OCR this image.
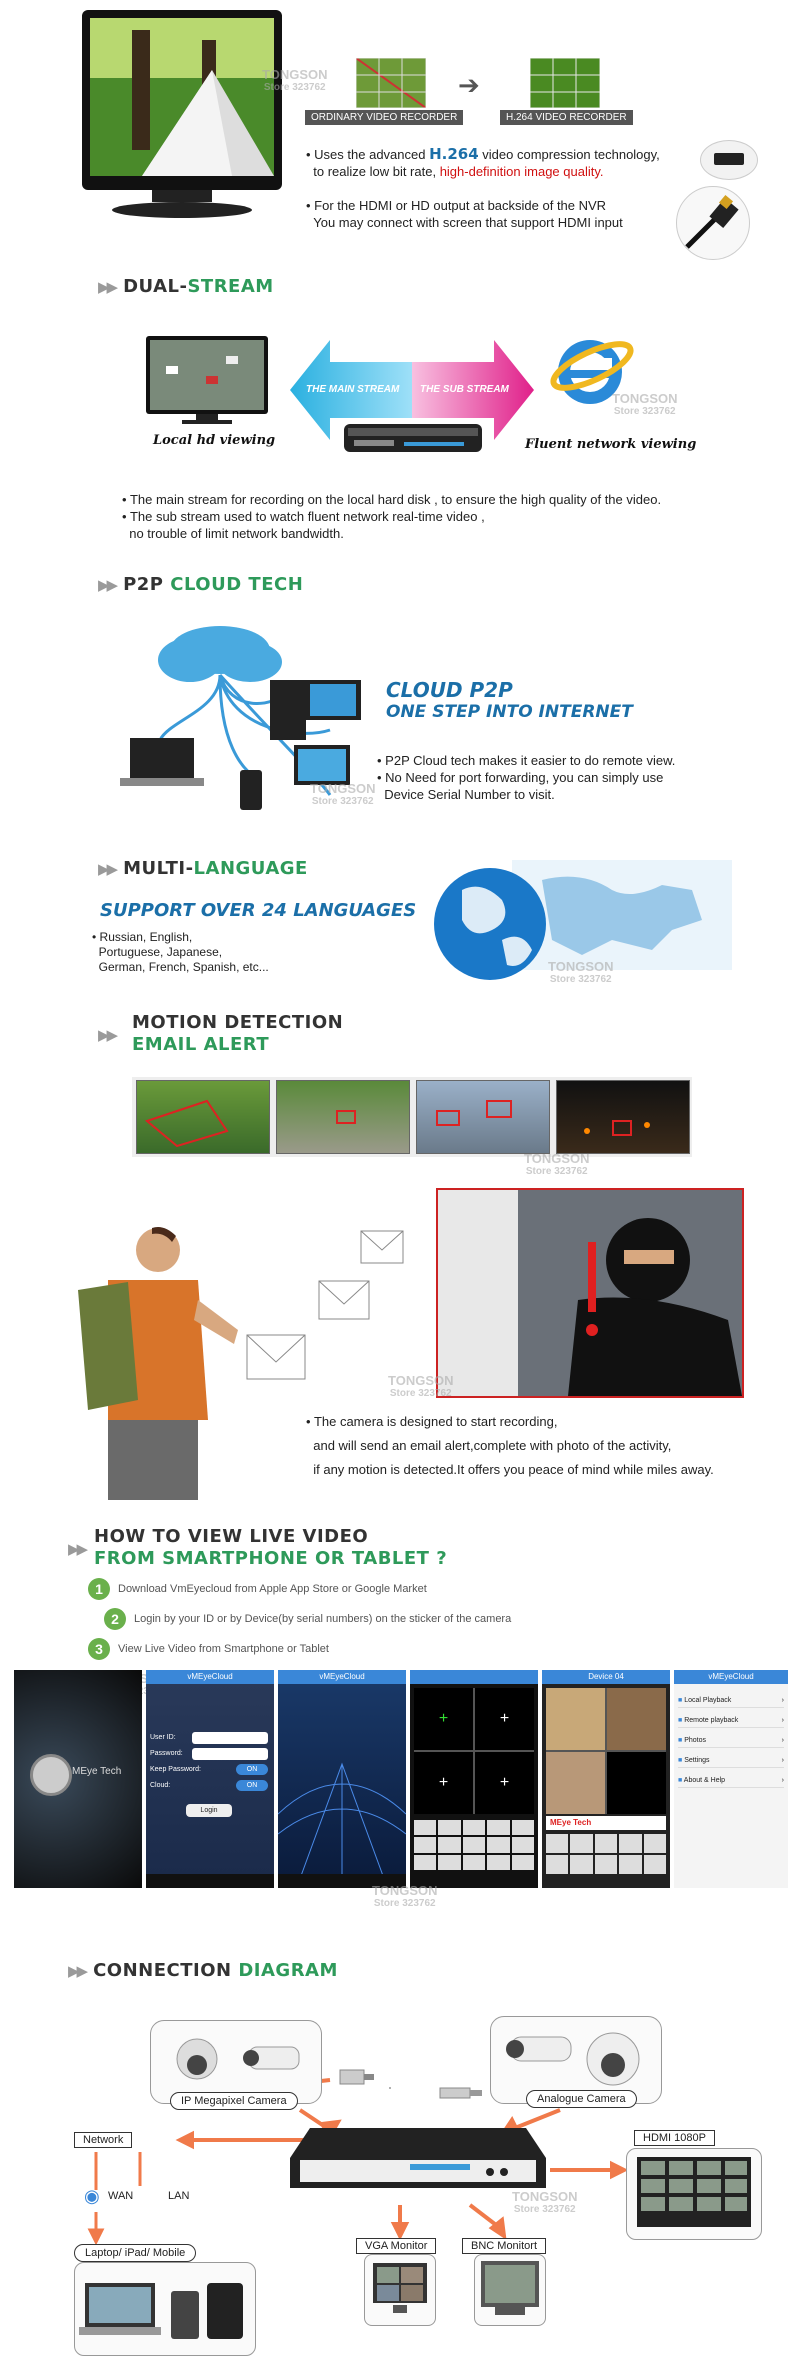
TONGSON
Store 323762	➔
ORDINARY VIDEO RECORDER	H.264 VIDEO RECORDER
• Uses the advanced H.264 video compression technology,
to realize low bit rate, high-definition image quality.
• For the HDMI or HD output at backside of the NVR
You may connect with screen that support HDMI input
▶▶ DUAL-STREAM
Local hd viewing
THE MAIN STREAM THE SUB STREAM
TONGSON
Store 323762
Fluent network viewing
• The main stream for recording on the local hard disk , to ensure the high quality of the video.
• The sub stream used to watch fluent network real-time video ,
no trouble of limit network bandwidth.
▶▶ P2P CLOUD TECH
CLOUD P2P
ONE STEP INTO INTERNET
• P2P Cloud tech makes it easier to do remote view.
• No Need for port forwarding, you can simply use
Device Serial Number to visit.
TONGSON
Store 323762
▶▶ MULTI-LANGUAGE
SUPPORT OVER 24 LANGUAGES
• Russian, English,
Portuguese, Japanese,
German, French, Spanish, etc...	TONGSON
Store 323762
$_{▶▶}$
MOTION DETECTION
EMAIL ALERT
TONGSON
Store 323762
TONGSON
Store 323762
• The camera is designed to start recording,
and will send an email alert,complete with photo of the activity,
if any motion is detected.It offers you peace of mind while miles away.
$_{▶▶}$
HOW TO VIEW LIVE VIDEO
FROM SMARTPHONE OR TABLET ?
1 Download VmEyecloud from Apple App Store or Google Market
2 Login by your ID or by Device(by serial numbers) on the sticker of the camera
3 View Live Video from Smartphone or Tablet
MEye Tech
vMEyeCloud
User ID:
Password:
Keep Password:	ON
Cloud:	ON
Login
vMEyeCloud
+	+
+	+
Device 04
MEye Tech
vMEyeCloud
■ Local Playback	›
■ Remote playback	›
■ Photos	›
■ Settings	›
■ About & Help	›
TONGSON
Store 323762
▶▶ CONNECTION DIAGRAM
IP Megapixel Camera	Analogue Camera
TONGSON
Store 323762
Network
◉ WAN	LAN
Laptop/ iPad/ Mobile
HDMI 1080P
VGA Monitor	BNC Monitort
